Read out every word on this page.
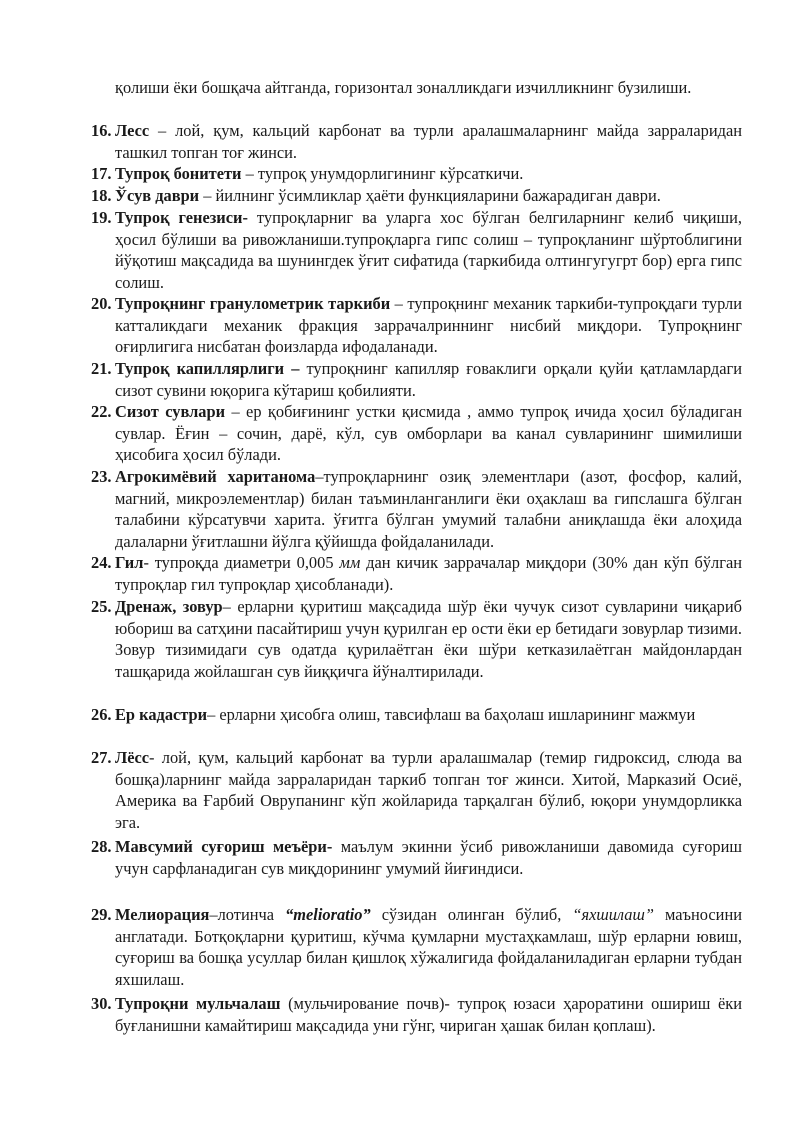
қолиши ёки бошқача айтганда, горизонтал зоналликдаги изчилликнинг бузилиши.
16. Лесс – лой, қум, кальций карбонат ва турли аралашмаларнинг майда зарраларидан ташкил топган тоғ жинси.
17. Тупроқ бонитети – тупроқ унумдорлигининг кўрсаткичи.
18. Ўсув даври – йилнинг ўсимликлар ҳаёти функцияларини бажарадиган даври.
19. Тупроқ генезиси- тупроқларниг ва уларга хос бўлган белгиларнинг келиб чиқиши, ҳосил бўлиши ва ривожланиши.тупроқларга гипс солиш – тупроқланинг шўртоблигини йўқотиш мақсадида ва шунингдек ўғит сифатида (таркибида олтингугугрт бор) ерга гипс солиш.
20. Тупроқнинг гранулометрик таркиби – тупроқнинг механик таркиби-тупроқдаги турли катталикдаги механик фракция заррачалриннинг нисбий миқдори. Тупроқнинг оғирлигига нисбатан фоизларда ифодаланади.
21. Тупроқ капиллярлиги – тупроқнинг капилляр ғоваклиги орқали қуйи қатламлардаги сизот сувини юқорига кўтариш қобилияти.
22. Сизот сувлари – ер қобиғининг устки қисмида , аммо тупроқ ичида ҳосил бўладиган сувлар. Ёғин – сочин, дарё, кўл, сув омборлари ва канал сувларининг шимилиши ҳисобига ҳосил бўлади.
23. Агрокимёвий хаританома–тупроқларнинг озиқ элементлари (азот, фосфор, калий, магний, микроэлементлар) билан таъминланганлиги ёки оҳаклаш ва гипслашга бўлган талабини кўрсатувчи харита. ўғитга бўлган умумий талабни аниқлашда ёки алоҳида далаларни ўғитлашни йўлга қўйишда фойдаланилади.
24. Гил- тупроқда диаметри 0,005 мм дан кичик заррачалар миқдори (30% дан кўп бўлган тупроқлар гил тупроқлар ҳисобланади).
25. Дренаж, зовур– ерларни қуритиш мақсадида шўр ёки чучук сизот сувларини чиқариб юбориш ва сатҳини пасайтириш учун қурилган ер ости ёки ер бетидаги зовурлар тизими. Зовур тизимидаги сув одатда қурилаётган ёки шўри кетказилаётган майдонлардан ташқарида жойлашган сув йиққичга йўналтирилади.
26. Ер кадастри– ерларни ҳисобга олиш, тавсифлаш ва баҳолаш ишларининг мажмуи
27. Лёсс- лой, қум, кальций карбонат ва турли аралашмалар (темир гидроксид, слюда ва бошқа)ларнинг майда зарраларидан таркиб топган тоғ жинси. Хитой, Марказий Осиё, Америка ва Ғарбий Оврупанинг кўп жойларида тарқалган бўлиб, юқори унумдорликка эга.
28. Мавсумий суғориш меъёри- маълум экинни ўсиб ривожланиши давомида суғориш учун сарфланадиган сув миқдорининг умумий йиғиндиси.
29. Мелиорация–лотинча “melioratio” сўзидан олинган бўлиб, “яхшилаш” маъносини англатади. Ботқоқларни қуритиш, кўчма қумларни мустаҳкамлаш, шўр ерларни ювиш, суғориш ва бошқа усуллар билан қишлоқ хўжалигида фойдаланиладиган ерларни тубдан яхшилаш.
30. Тупроқни мульчалаш (мульчирование почв)- тупроқ юзаси ҳароратини ошириш ёки буғланишни камайтириш мақсадида уни гўнг, чириган ҳашак билан қоплаш).
